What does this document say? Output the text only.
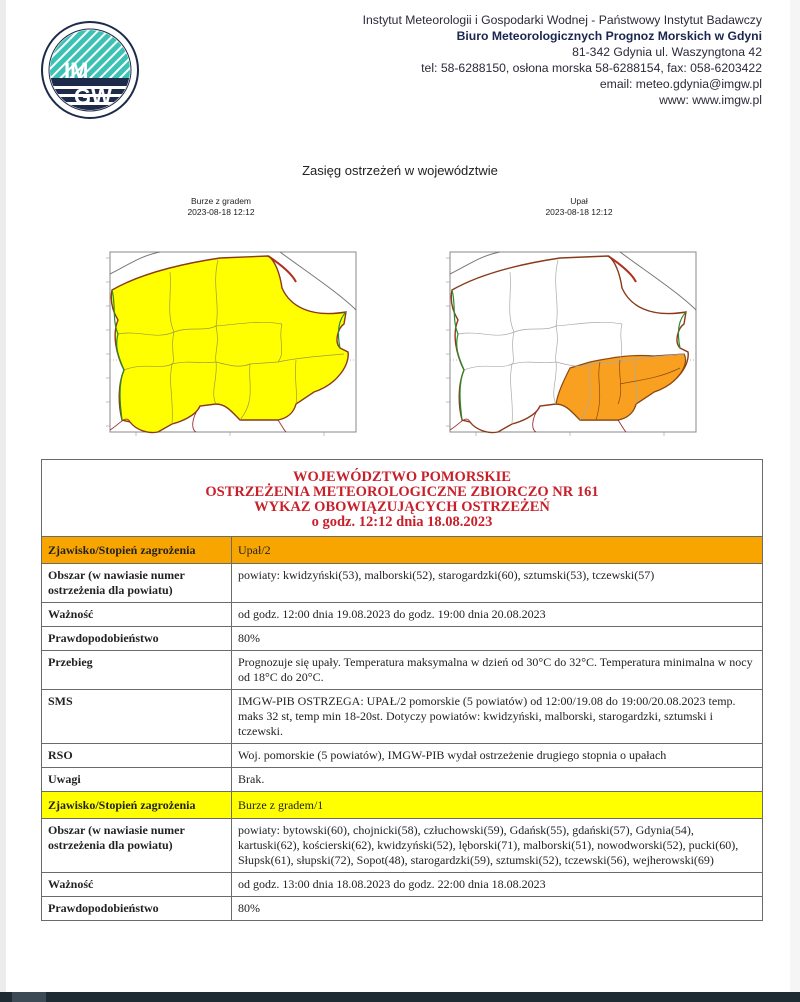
IM
GW
Instytut Meteorologii i Gospodarki Wodnej - Państwowy Instytut Badawczy
Biuro Meteorologicznych Prognoz Morskich w Gdyni
81-342 Gdynia ul. Waszyngtona 42
tel: 58-6288150, osłona morska 58-6288154, fax: 058-6203422
email: meteo.gdynia@imgw.pl
www: www.imgw.pl
Zasięg ostrzeżeń w województwie
Burze z gradem
2023-08-18 12:12
Upał
2023-08-18 12:12
WOJEWÓDZTWO POMORSKIE
OSTRZEŻENIA METEOROLOGICZNE ZBIORCZO NR 161
WYKAZ OBOWIĄZUJĄCYCH OSTRZEŻEŃ
o godz. 12:12 dnia 18.08.2023	

Zjawisko/Stopień zagrożenia	Upał/2
Obszar (w nawiasie numer ostrzeżenia dla powiatu)	powiaty: kwidzyński(53), malborski(52), starogardzki(60), sztumski(53), tczewski(57)
Ważność	od godz. 12:00 dnia 19.08.2023 do godz. 19:00 dnia 20.08.2023
Prawdopodobieństwo	80%
Przebieg	Prognozuje się upały. Temperatura maksymalna w dzień od 30°C do 32°C. Temperatura minimalna w nocy od 18°C do 20°C.
SMS	IMGW-PIB OSTRZEGA: UPAŁ/2 pomorskie (5 powiatów) od 12:00/19.08 do 19:00/20.08.2023 temp. maks 32 st, temp min 18-20st. Dotyczy powiatów: kwidzyński, malborski, starogardzki, sztumski i tczewski.
RSO	Woj. pomorskie (5 powiatów), IMGW-PIB wydał ostrzeżenie drugiego stopnia o upałach
Uwagi	Brak.
Zjawisko/Stopień zagrożenia	Burze z gradem/1
Obszar (w nawiasie numer ostrzeżenia dla powiatu)	powiaty: bytowski(60), chojnicki(58), człuchowski(59), Gdańsk(55), gdański(57), Gdynia(54), kartuski(62), kościerski(62), kwidzyński(52), lęborski(71), malborski(51), nowodworski(52), pucki(60), Słupsk(61), słupski(72), Sopot(48), starogardzki(59), sztumski(52), tczewski(56), wejherowski(69)
Ważność	od godz. 13:00 dnia 18.08.2023 do godz. 22:00 dnia 18.08.2023
Prawdopodobieństwo	80%
